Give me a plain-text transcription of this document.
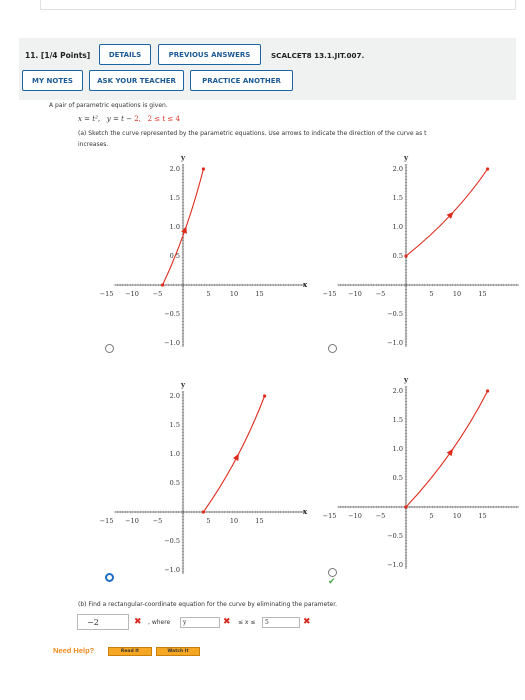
11. [1/4 Points]	DETAILS	PREVIOUS ANSWERS	SCALCET8 13.1.JIT.007.
MY NOTES	ASK YOUR TEACHER	PRACTICE ANOTHER
A pair of parametric equations is given.
x = t², y = t − 2, 2 ≤ t ≤ 4
(a) Sketch the curve represented by the parametric equations. Use arrows to indicate the direction of the curve as t
increases.
x
y
−15 −10 −5	5	10	15
2.0
1.5
1.0
0.5
−0.5
−1.0
y
−15 −10 −5	5	10	15
2.0
1.5
1.0
0.5
−0.5
−1.0
x
y
−15 −10 −5	5	10	15
2.0
1.5
1.0
0.5
−0.5
−1.0
y
−15 −10 −5	5	10	15
2.0
1.5
1.0
0.5
−0.5
−1.0
✔
(b) Find a rectangular-coordinate equation for the curve by eliminating the parameter.
−2	✖ , where	y	✖ ≤ x ≤	5	✖
Need Help?	Read It	Watch It
